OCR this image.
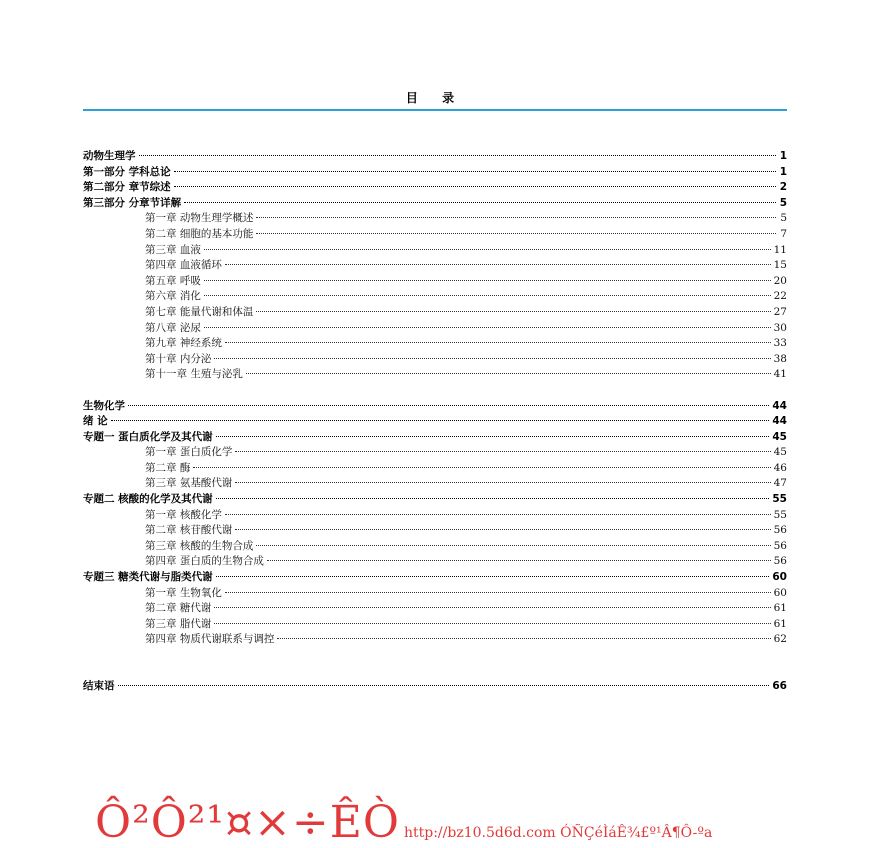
目 录
动物生理学	1
第一部分 学科总论	1
第二部分 章节综述	2
第三部分 分章节详解	5
第一章 动物生理学概述	5
第二章 细胞的基本功能	7
第三章 血液	11
第四章 血液循环	15
第五章 呼吸	20
第六章 消化	22
第七章 能量代谢和体温	27
第八章 泌尿	30
第九章 神经系统	33
第十章 内分泌	38
第十一章 生殖与泌乳	41
生物化学	44
绪 论	44
专题一 蛋白质化学及其代谢	45
第一章 蛋白质化学	45
第二章 酶	46
第三章 氨基酸代谢	47
专题二 核酸的化学及其代谢	55
第一章 核酸化学	55
第二章 核苷酸代谢	56
第三章 核酸的生物合成	56
第四章 蛋白质的生物合成	56
专题三 糖类代谢与脂类代谢	60
第一章 生物氧化	60
第二章 糖代谢	61
第三章 脂代谢	61
第四章 物质代谢联系与调控	62
结束语	66
Ô²Ô²¹¤×÷ÊÒ http://bz10.5d6d.com ÓÑÇéÌáÊ¾£º¹Â¶Ô-ºa
